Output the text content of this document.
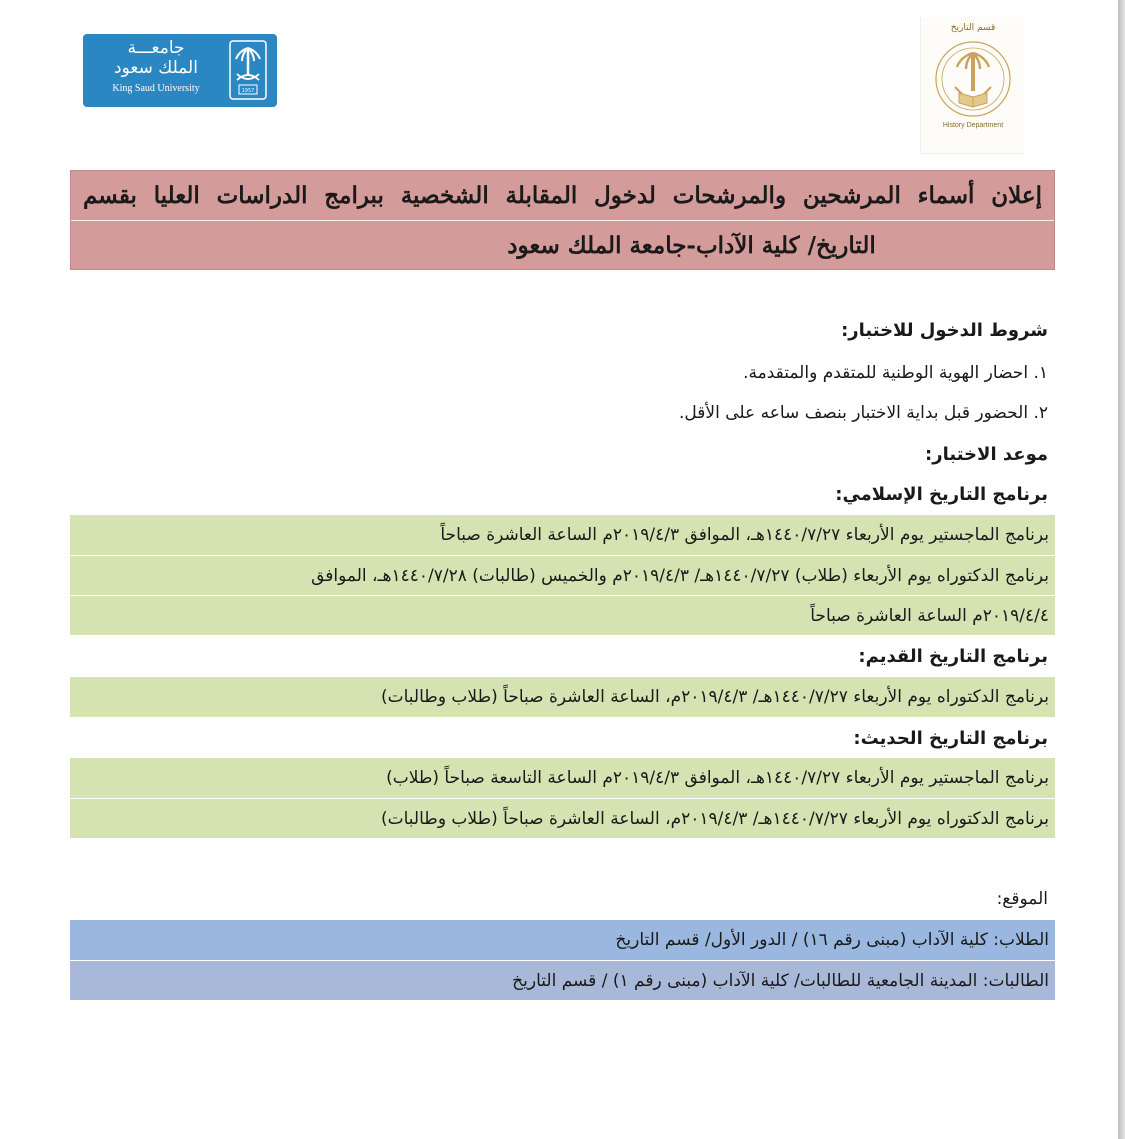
جامعـــة
الملك سعود
King Saud University	1957
قسم التاريخ
History Department
إعلان أسماء المرشحين والمرشحات لدخول المقابلة الشخصية ببرامج الدراسات العليا بقسم
التاريخ/ كلية الآداب-جامعة الملك سعود
شروط الدخول للاختبار:
١. احضار الهوية الوطنية للمتقدم والمتقدمة.
٢. الحضور قبل بداية الاختبار بنصف ساعه على الأقل.
موعد الاختبار:
برنامج التاريخ الإسلامي:
برنامج الماجستير يوم الأربعاء ١٤٤٠/٧/٢٧هـ، الموافق ٢٠١٩/٤/٣م الساعة العاشرة صباحاً
برنامج الدكتوراه يوم الأربعاء (طلاب) ١٤٤٠/٧/٢٧هـ/ ٢٠١٩/٤/٣م والخميس (طالبات) ١٤٤٠/٧/٢٨هـ، الموافق
٢٠١٩/٤/٤م الساعة العاشرة صباحاً
برنامج التاريخ القديم:
برنامج الدكتوراه يوم الأربعاء ١٤٤٠/٧/٢٧هـ/ ٢٠١٩/٤/٣م، الساعة العاشرة صباحاً (طلاب وطالبات)
برنامج التاريخ الحديث:
برنامج الماجستير يوم الأربعاء ١٤٤٠/٧/٢٧هـ، الموافق ٢٠١٩/٤/٣م الساعة التاسعة صباحاً (طلاب)
برنامج الدكتوراه يوم الأربعاء ١٤٤٠/٧/٢٧هـ/ ٢٠١٩/٤/٣م، الساعة العاشرة صباحاً (طلاب وطالبات)
الموقع:
الطلاب: كلية الآداب (مبنى رقم ١٦) / الدور الأول/ قسم التاريخ
الطالبات: المدينة الجامعية للطالبات/ كلية الآداب (مبنى رقم ١) / قسم التاريخ
